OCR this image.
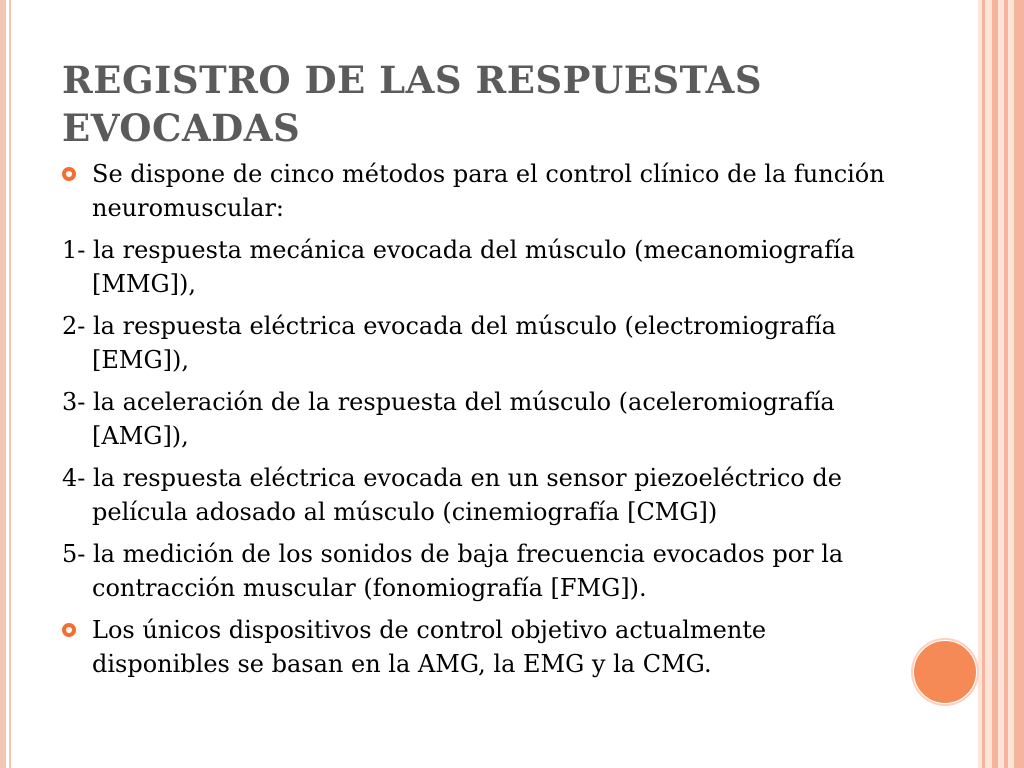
REGISTRO DE LAS RESPUESTAS EVOCADAS

Se dispone de cinco métodos para el control clínico de la función neuromuscular:

1- la respuesta mecánica evocada del músculo (mecanomiografía [MMG]),

2- la respuesta eléctrica evocada del músculo (electromiografía [EMG]),

3- la aceleración de la respuesta del músculo (aceleromiografía [AMG]),

4- la respuesta eléctrica evocada en un sensor piezoeléctrico de película adosado al músculo (cinemiografía [CMG])

5- la medición de los sonidos de baja frecuencia evocados por la contracción muscular (fonomiografía [FMG]).

Los únicos dispositivos de control objetivo actualmente disponibles se basan en la AMG, la EMG y la CMG.
